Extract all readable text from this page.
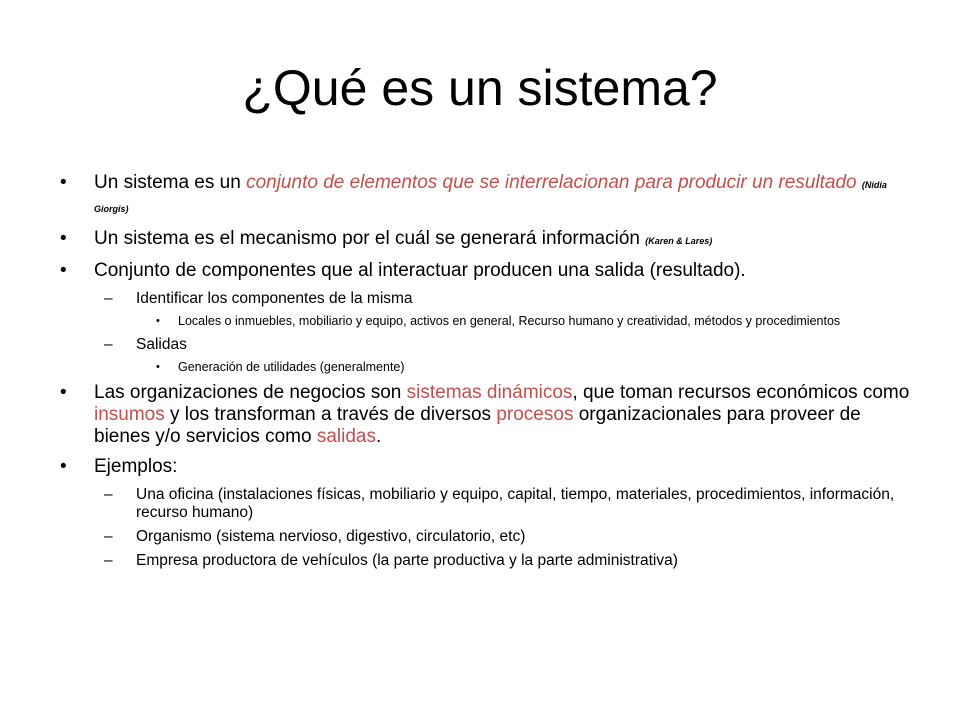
¿Qué es un sistema?
• Un sistema es un conjunto de elementos que se interrelacionan para producir un resultado (Nidia Giorgis)
• Un sistema es el mecanismo por el cuál se generará información (Karen & Lares)
• Conjunto de componentes que al interactuar producen una salida (resultado).
– Identificar los componentes de la misma
• Locales o inmuebles, mobiliario y equipo, activos en general, Recurso humano y creatividad, métodos y procedimientos
– Salidas
• Generación de utilidades (generalmente)
• Las organizaciones de negocios son sistemas dinámicos, que toman recursos económicos como insumos y los transforman a través de diversos procesos organizacionales para proveer de bienes y/o servicios como salidas.
• Ejemplos:
– Una oficina (instalaciones físicas, mobiliario y equipo, capital, tiempo, materiales, procedimientos, información, recurso humano)
– Organismo (sistema nervioso, digestivo, circulatorio, etc)
– Empresa productora de vehículos (la parte productiva y la parte administrativa)
